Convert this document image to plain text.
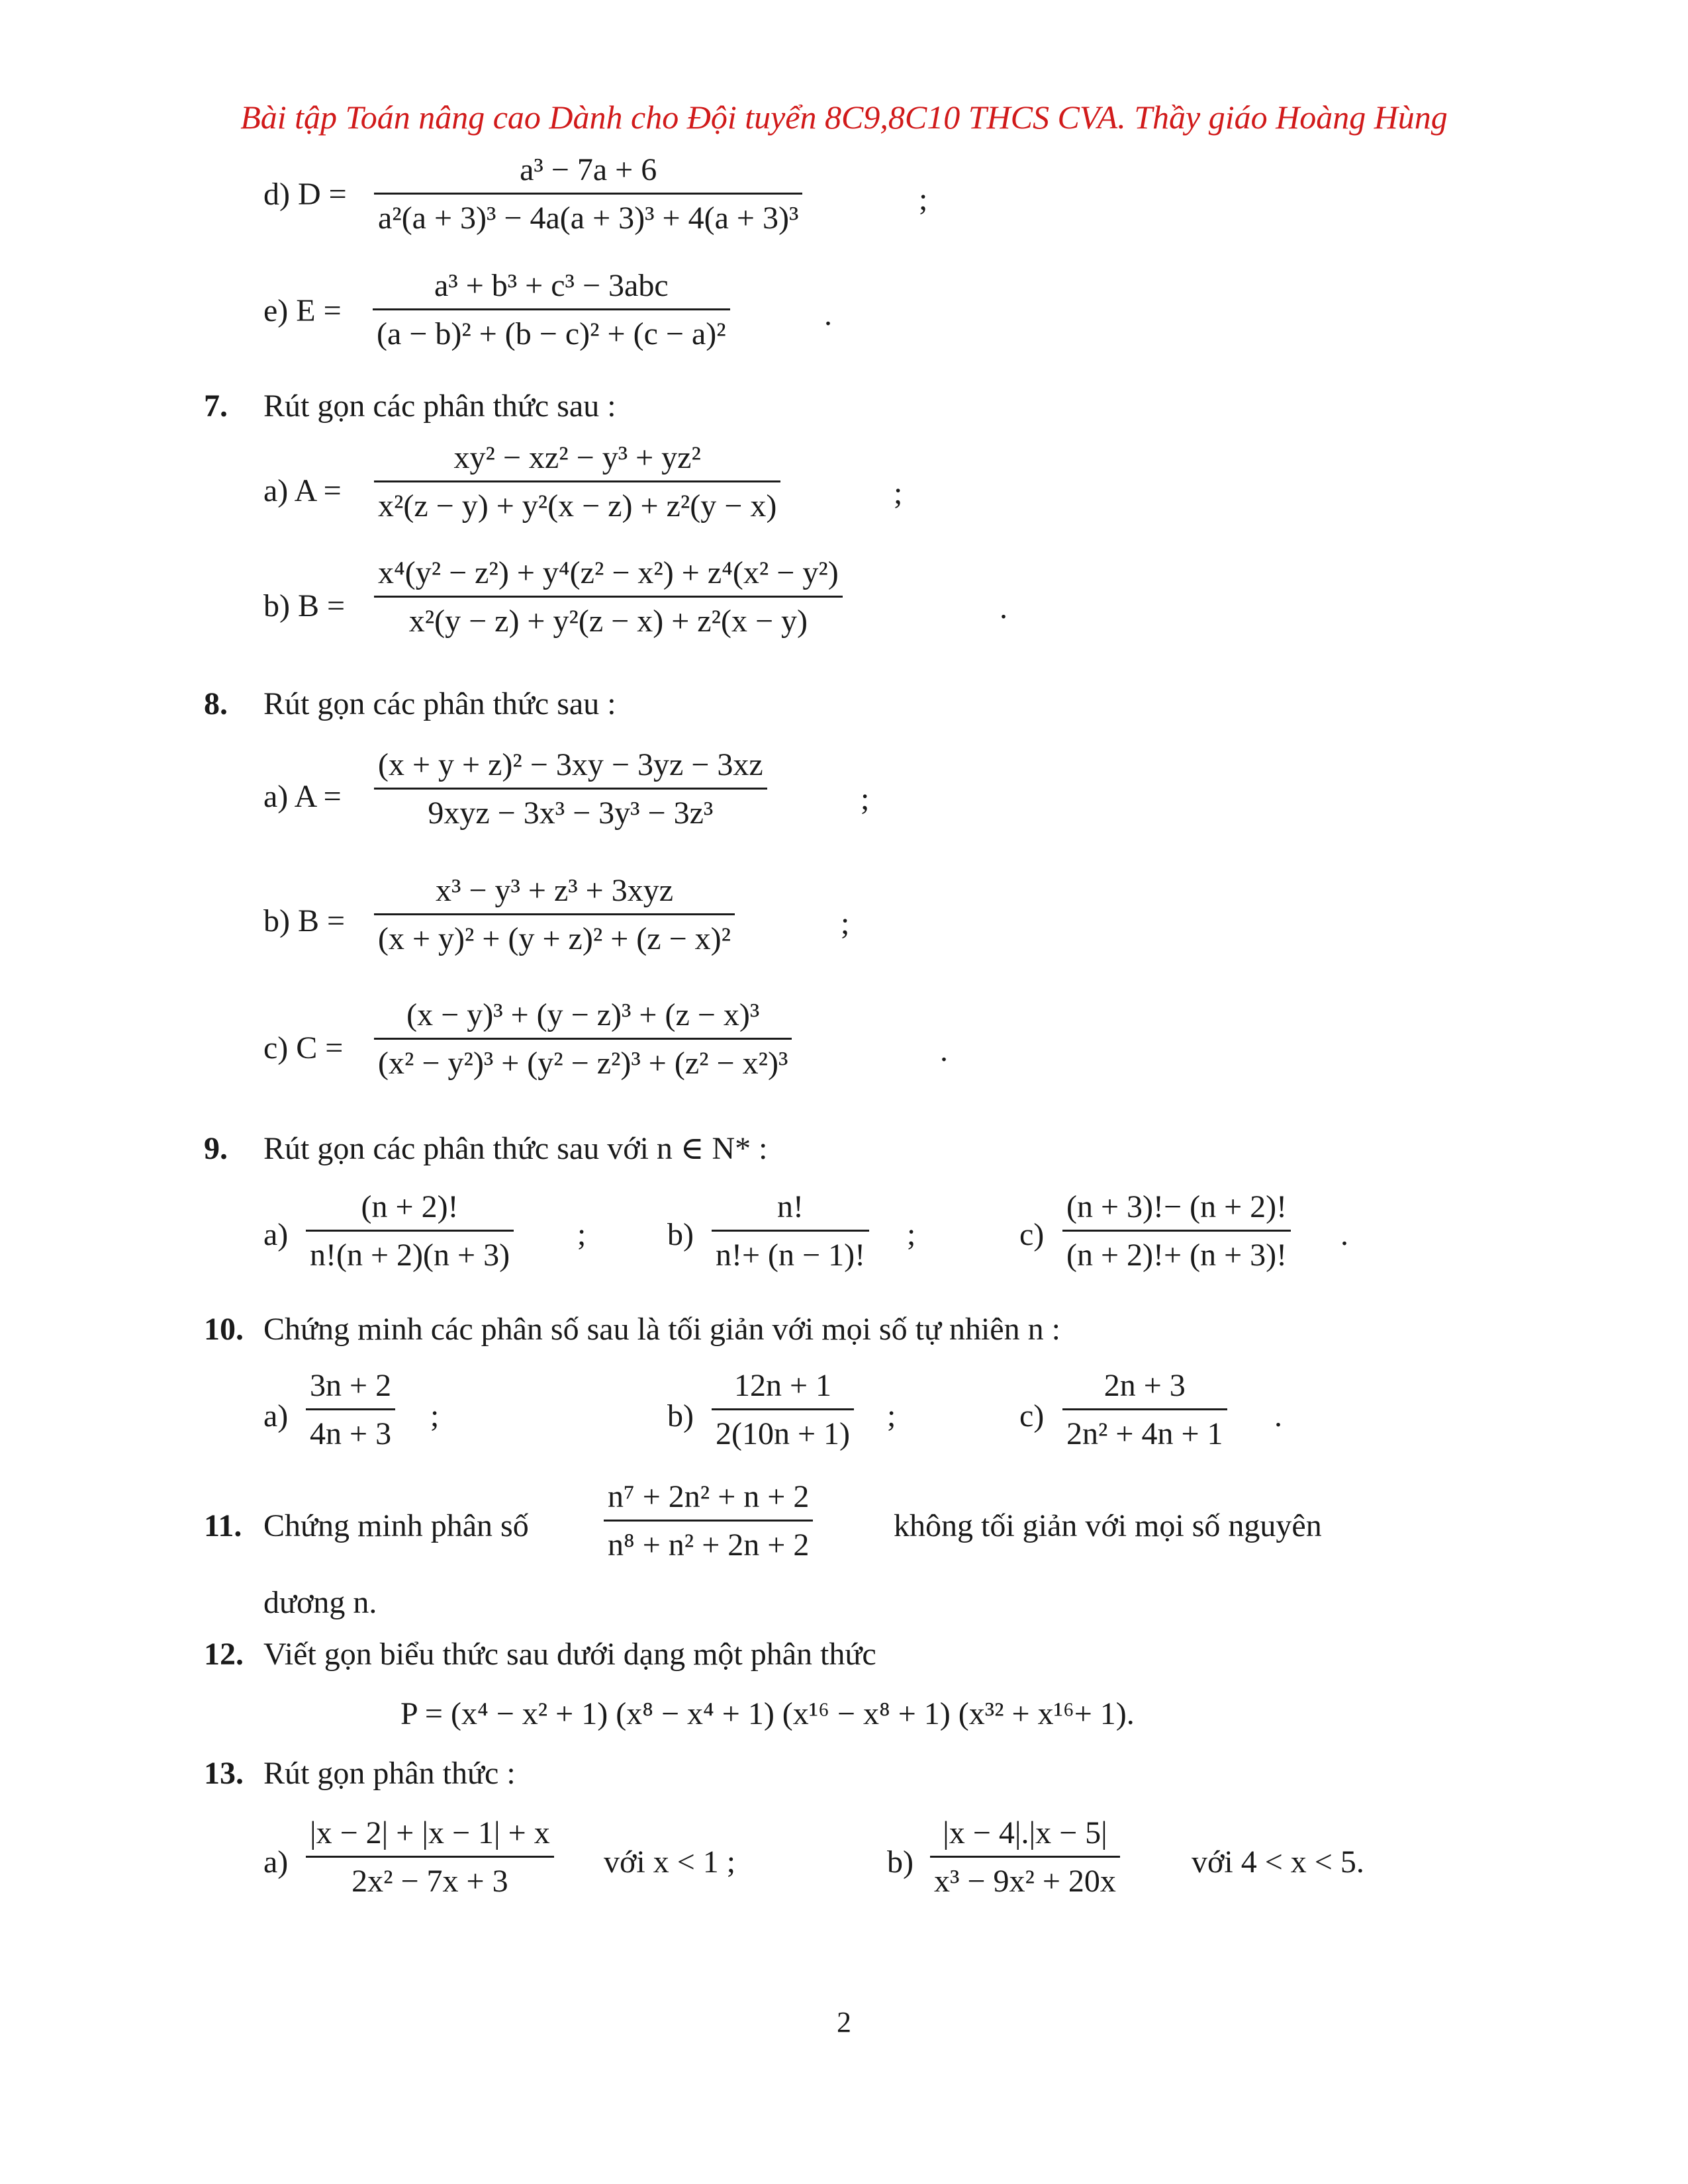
Bài tập Toán nâng cao Dành cho Đội tuyển 8C9,8C10 THCS CVA. Thầy giáo Hoàng Hùng
d) D =
a³ − 7a + 6
a²(a + 3)³ − 4a(a + 3)³ + 4(a + 3)³
;
e) E =
a³ + b³ + c³ − 3abc
(a − b)² + (b − c)² + (c − a)²
.
7. Rút gọn các phân thức sau :
a) A =
xy² − xz² − y³ + yz²
x²(z − y) + y²(x − z) + z²(y − x)	;
b) B =
x⁴(y² − z²) + y⁴(z² − x²) + z⁴(x² − y²)
x²(y − z) + y²(z − x) + z²(x − y)	.
8. Rút gọn các phân thức sau :
a) A =
(x + y + z)² − 3xy − 3yz − 3xz
9xyz − 3x³ − 3y³ − 3z³	;
b) B =
x³ − y³ + z³ + 3xyz
(x + y)² + (y + z)² + (z − x)²	;
c) C =
(x − y)³ + (y − z)³ + (z − x)³
(x² − y²)³ + (y² − z²)³ + (z² − x²)³	.
9. Rút gọn các phân thức sau với n ∈ N* :
a)
(n + 2)!
n!(n + 2)(n + 3)
;	b)
n!
n!+ (n − 1)!
;	c)
(n + 3)!− (n + 2)!
(n + 2)!+ (n + 3)!
.
10. Chứng minh các phân số sau là tối giản với mọi số tự nhiên n :
a)
3n + 2
4n + 3
;	b)
12n + 1
2(10n + 1)
;	c)
2n + 3
2n² + 4n + 1
.
11. Chứng minh phân số
n⁷ + 2n² + n + 2
n⁸ + n² + 2n + 2
không tối giản với mọi số nguyên
dương n.
12. Viết gọn biểu thức sau dưới dạng một phân thức
P = (x⁴ − x² + 1) (x⁸ − x⁴ + 1) (x¹⁶ − x⁸ + 1) (x³² + x¹⁶+ 1).
13. Rút gọn phân thức :
a)
|x − 2| + |x − 1| + x
2x² − 7x + 3
với x < 1 ;	b)
|x − 4|.|x − 5|
x³ − 9x² + 20x
với 4 < x < 5.
2
